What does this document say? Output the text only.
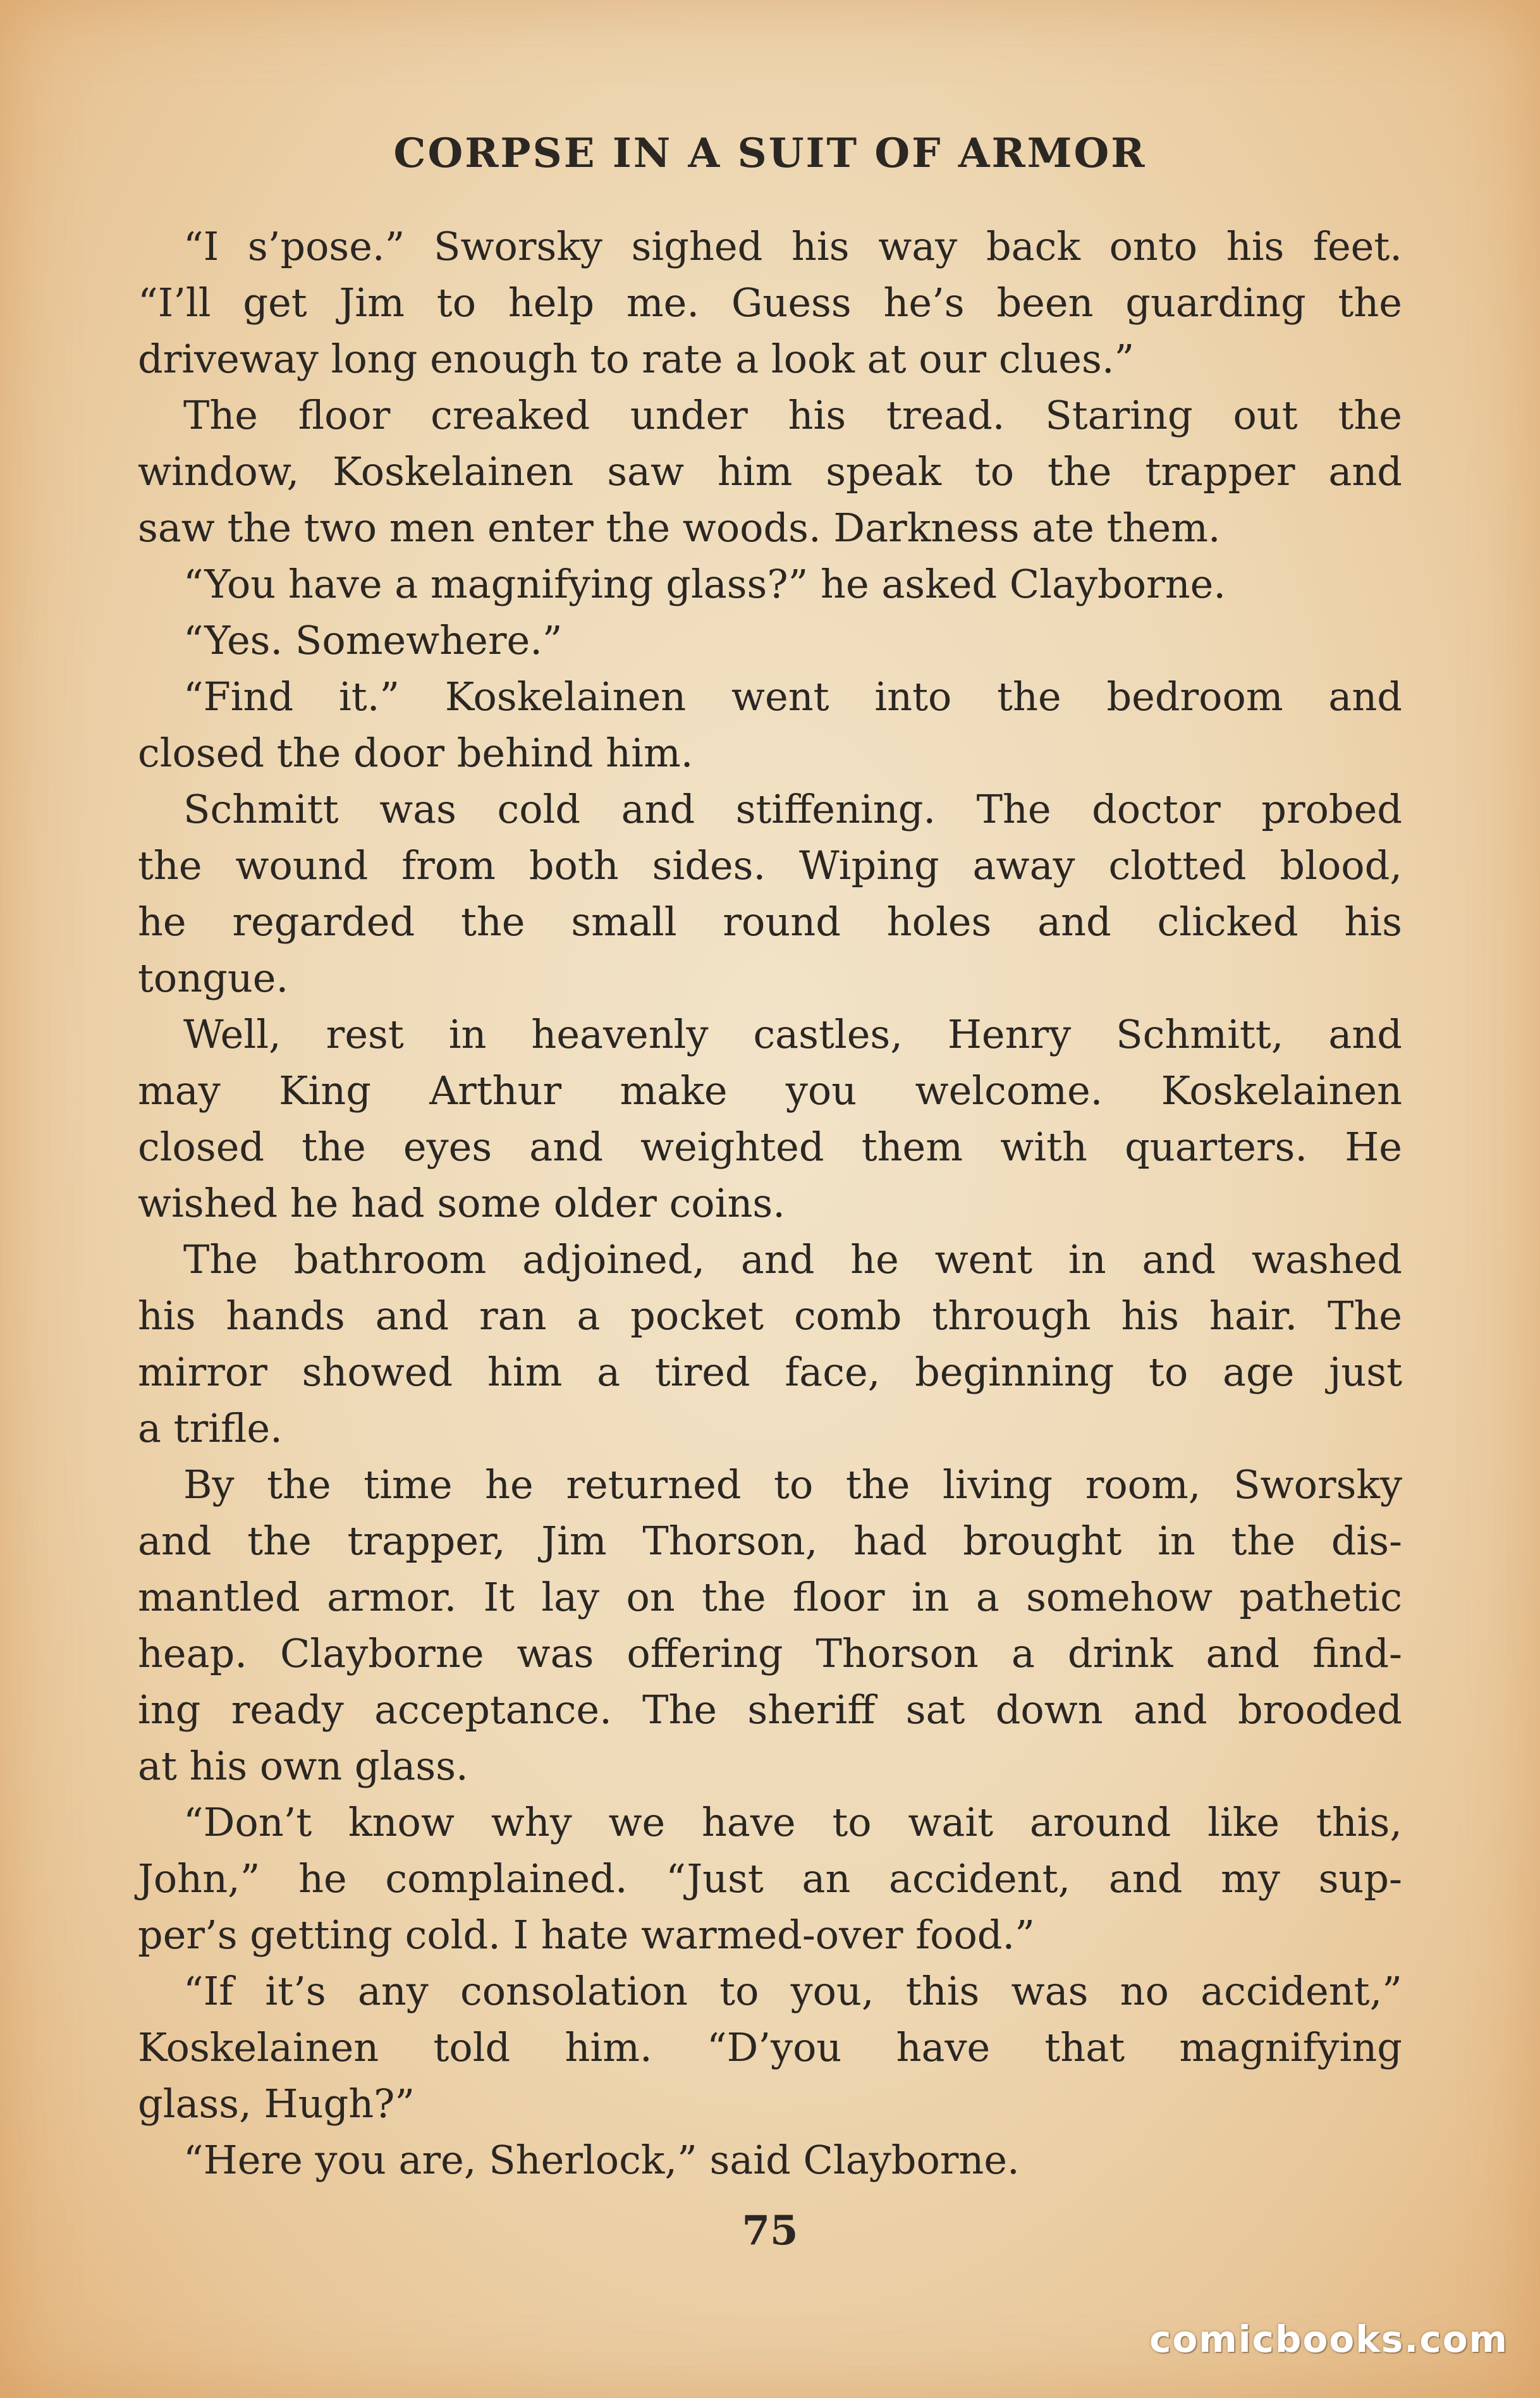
CORPSE IN A SUIT OF ARMOR
“I s’pose.” Sworsky sighed his way back onto his feet.
“I’ll get Jim to help me. Guess he’s been guarding the
driveway long enough to rate a look at our clues.”
The floor creaked under his tread. Staring out the
window, Koskelainen saw him speak to the trapper and
saw the two men enter the woods. Darkness ate them.
“You have a magnifying glass?” he asked Clayborne.
“Yes. Somewhere.”
“Find it.” Koskelainen went into the bedroom and
closed the door behind him.
Schmitt was cold and stiffening. The doctor probed
the wound from both sides. Wiping away clotted blood,
he regarded the small round holes and clicked his
tongue.
Well, rest in heavenly castles, Henry Schmitt, and
may King Arthur make you welcome. Koskelainen
closed the eyes and weighted them with quarters. He
wished he had some older coins.
The bathroom adjoined, and he went in and washed
his hands and ran a pocket comb through his hair. The
mirror showed him a tired face, beginning to age just
a trifle.
By the time he returned to the living room, Sworsky
and the trapper, Jim Thorson, had brought in the dis-
mantled armor. It lay on the floor in a somehow pathetic
heap. Clayborne was offering Thorson a drink and find-
ing ready acceptance. The sheriff sat down and brooded
at his own glass.
“Don’t know why we have to wait around like this,
John,” he complained. “Just an accident, and my sup-
per’s getting cold. I hate warmed-over food.”
“If it’s any consolation to you, this was no accident,”
Koskelainen told him. “D’you have that magnifying
glass, Hugh?”
“Here you are, Sherlock,” said Clayborne.
75
comicbooks.com
